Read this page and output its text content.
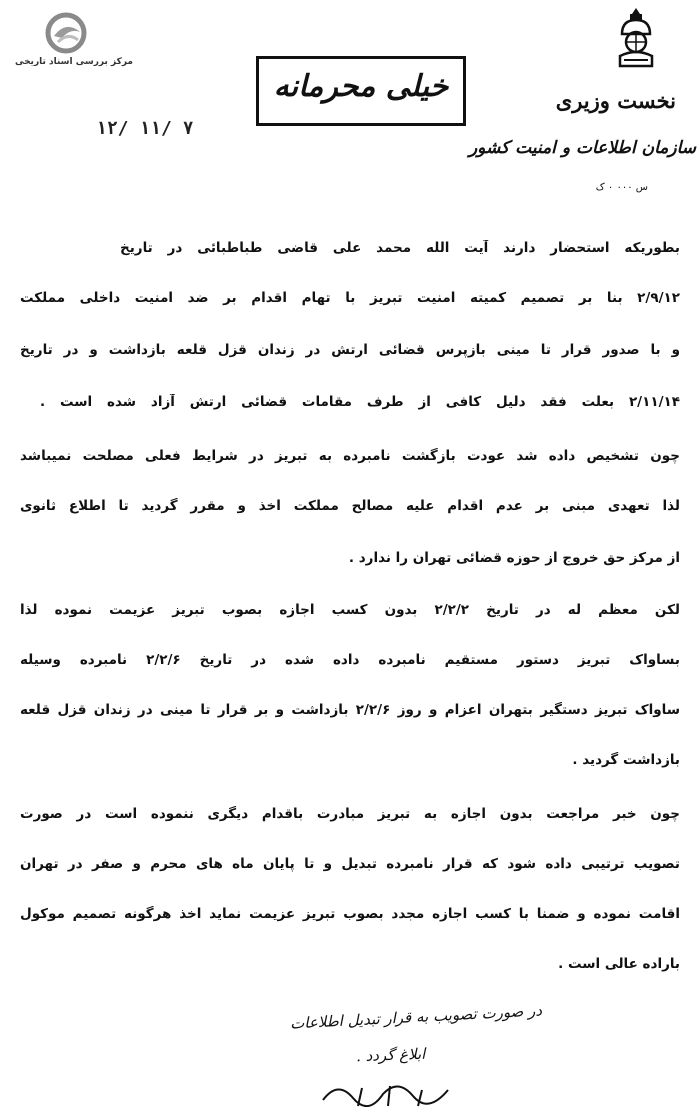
مرکز بررسی اسناد تاریخی
نخست وزیری
سازمان اطلاعات و امنیت کشور
س ۰۰۰ ۰ ک
خیلی محرمانه
۱۲/ ۱۱/ ۷
بطوریکه استحضار دارند آیت الله محمد علی قاضی طباطبائی در تاریخ
۲/۹/۱۲ بنا بر تصمیم کمیته امنیت تبریز با تهام اقدام بر ضد امنیت داخلی مملکت
و با صدور قرار تا مینی بازپرس قضائی ارتش در زندان قزل قلعه بازداشت و در تاریخ
۲/۱۱/۱۴ بعلت فقد دلیل کافی از طرف مقامات قضائی ارتش آزاد شده است .
چون تشخیص داده شد عودت بازگشت نامبرده به تبریز در شرایط فعلی مصلحت نمیباشد
لذا تعهدی مبنی بر عدم اقدام علیه مصالح مملکت اخذ و مقرر گردید تا اطلاع ثانوی
از مرکز حق خروج از حوزه قضائی تهران را ندارد .
لکن معظم له در تاریخ ۲/۲/۲ بدون کسب اجازه بصوب تبریز عزیمت نموده لذا
بساواک تبریز دستور مستقیم نامبرده داده شده در تاریخ ۲/۲/۶ نامبرده وسیله
ساواک تبریز دستگیر بتهران اعزام و روز ۲/۲/۶ بازداشت و بر قرار تا مینی در زندان قزل قلعه
بازداشت گردید .
چون خبر مراجعت بدون اجازه به تبریز مبادرت باقدام دیگری ننموده است در صورت
تصویب ترتیبی داده شود که قرار نامبرده تبدیل و تا پایان ماه های محرم و صفر در تهران
اقامت نموده و ضمنا با کسب اجازه مجدد بصوب تبریز عزیمت نماید اخذ هرگونه تصمیم موکول
باراده عالی است .
در صورت تصویب به قرار تبدیل اطلاعات
ابلاغ گردد .
